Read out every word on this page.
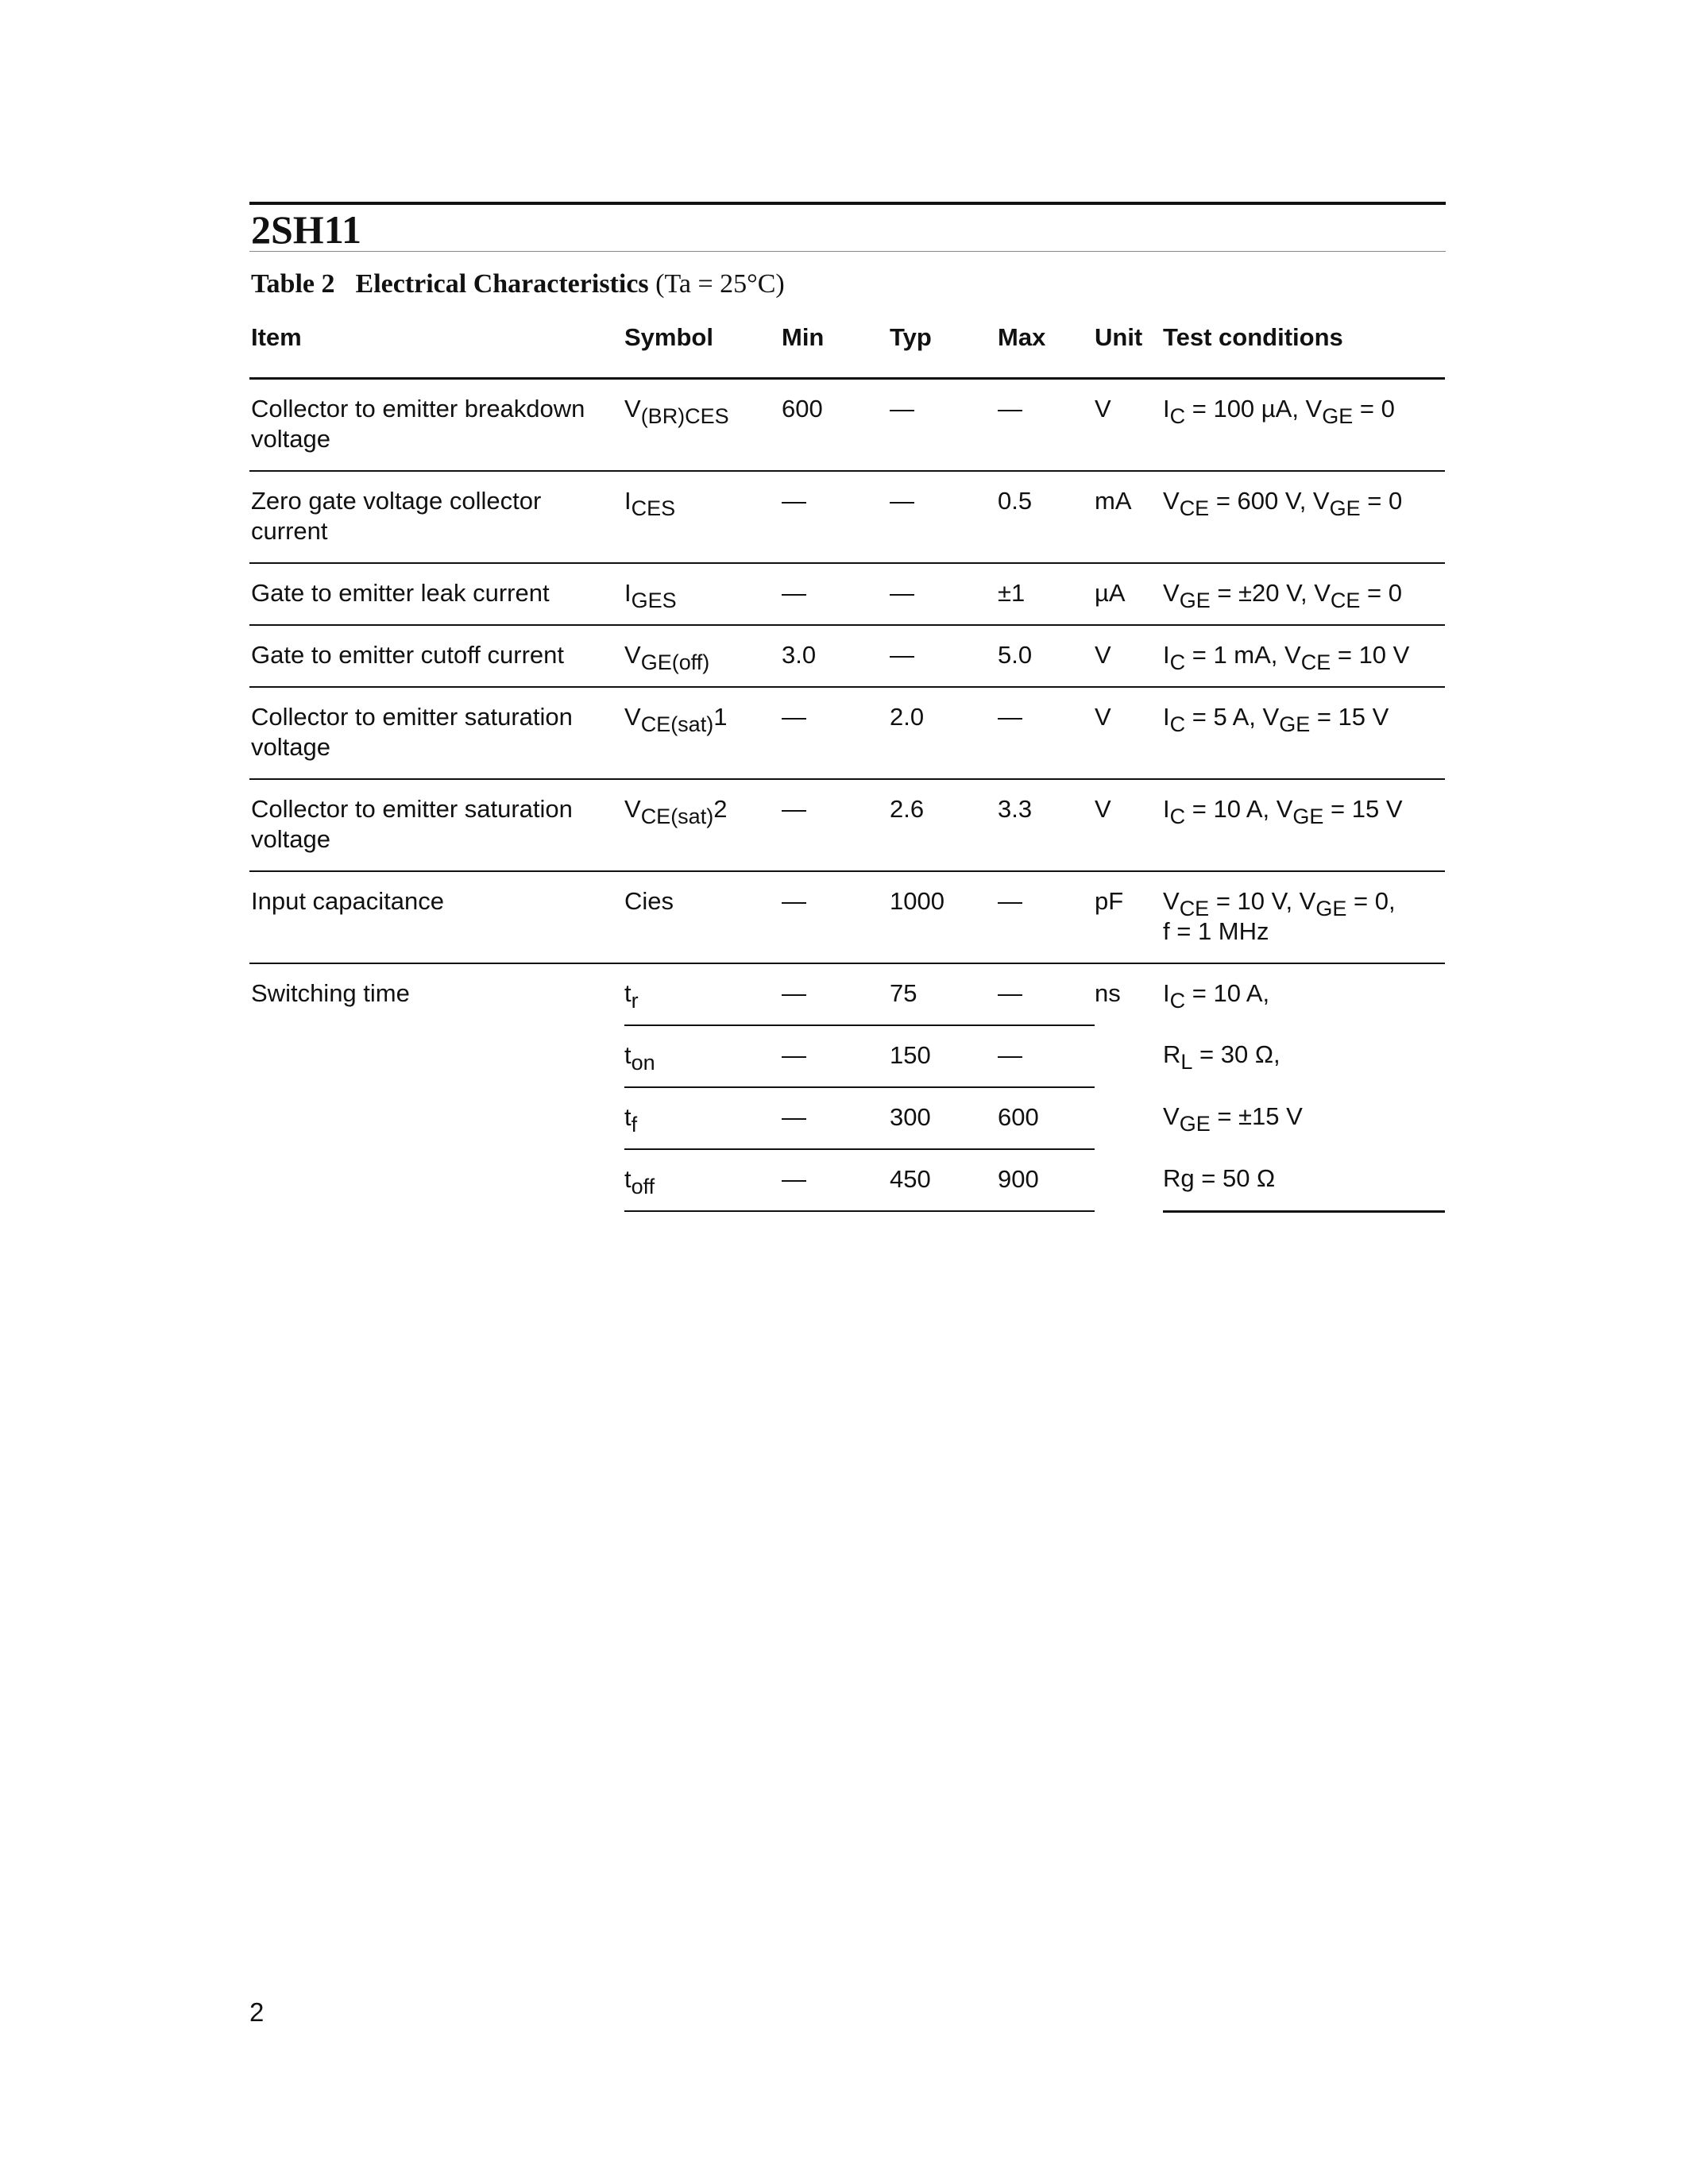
2SH11
Table 2 Electrical Characteristics (Ta = 25°C)
Item	Symbol	Min	Typ	Max	Unit	Test conditions
Collector to emitter breakdown voltage	$V_{(BR)CES}$	600	—	—	V	$I_C = 100$ µA, $V_{GE} = 0$
Zero gate voltage collector current	$I_{CES}$	—	—	0.5	mA	$V_{CE} = 600$ V, $V_{GE} = 0$
Gate to emitter leak current	$I_{GES}$	—	—	±1	µA	$V_{GE} = \pm 20$ V, $V_{CE} = 0$
Gate to emitter cutoff current	$V_{GE(off)}$	3.0	—	5.0	V	$I_C = 1$ mA, $V_{CE} = 10$ V
Collector to emitter saturation voltage	$V_{CE(sat)}1$	—	2.0	—	V	$I_C = 5$ A, $V_{GE} = 15$ V
Collector to emitter saturation voltage	$V_{CE(sat)}2$	—	2.6	3.3	V	$I_C = 10$ A, $V_{GE} = 15$ V
Input capacitance	Cies	—	1000	—	pF	$V_{CE} = 10$ V, $V_{GE} = 0$,
f = 1 MHz
Switching time	$t_r$	—	75	—	ns	$I_C = 10$ A,
	$t_{on}$	—	150	—		$R_L = 30$ Ω,
	$t_f$	—	300	600		$V_{GE} = \pm 15$ V
	$t_{off}$	—	450	900		Rg = 50 Ω
2
